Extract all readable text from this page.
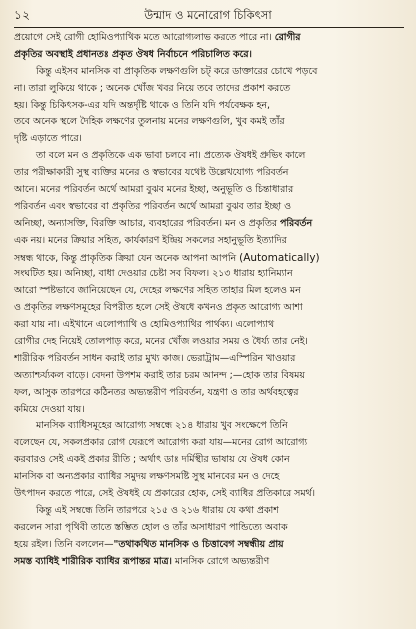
১২	উন্মাদ ও মনোরোগ চিকিৎসা
প্রয়োগে সেই রোগী হোমিওপ্যাথিক মতে আরোগ্যলাভ করতে পারে না। রোগীর
প্রকৃতির অবস্থাই প্রধানতঃ প্রকৃত ঔষধ নির্বাচনে পরিচালিত করে।
কিন্তু এইসব মানসিক বা প্রাকৃতিক লক্ষণগুলি চট্ করে ডাক্তারের চোখে পড়বে
না। তারা লুকিয়ে থাকে ; অনেক খোঁজ খবর নিয়ে তবে তাদের প্রকাশ করতে
হয়। কিন্তু চিকিৎসক-এর যদি অন্তর্দৃষ্টি থাকে ও তিনি যদি পর্যবেক্ষক হন,
তবে অনেক স্থলে দৈহিক লক্ষণের তুলনায় মনের লক্ষণগুলি, খুব কমই তাঁর
দৃষ্টি এড়াতে পারে।
তা বলে মন ও প্রকৃতিকে এক ভাবা চলবে না। প্রত্যেক ঔষধই প্রুভিং কালে
তার পরীক্ষাকারী সুস্থ ব্যক্তির মনের ও স্বভাবের যথেষ্ট উল্লেখযোগ্য পরিবর্তন
আনে। মনের পরিবর্তন অর্থে আমরা বুঝব মনের ইচ্ছা, অনুভূতি ও চিন্তাধারার
পরিবর্তন এবং স্বভাবের বা প্রকৃতির পরিবর্তন অর্থে আমরা বুঝব তার ইচ্ছা ও
অনিচ্ছা, অন্যাসক্তি, বিরক্তি আচার, ব্যবহারের পরিবর্তন। মন ও প্রকৃতির পরিবর্তন
এক নয়। মনের ক্রিয়ার সহিত, কার্যকারণ ইন্দ্রিয় সকলের সহানুভূতি ইত্যাদির
সম্বন্ধ থাকে, কিন্তু প্রাকৃতিক ক্রিয়া যেন অনেক আপনা আপনি (Automatically)
সংঘটিত হয়। অনিচ্ছা, বাধা দেওয়ার চেষ্টা সব বিফল। ২১৩ ধারায় হ্যানিম্যান
আরো স্পষ্টভাবে জানিয়েছেন যে, দেহের লক্ষণের সহিত তাহার মিল হলেও মন
ও প্রকৃতির লক্ষণসমূহের বিপরীত হলে সেই ঔষধে কখনও প্রকৃত আরোগ্য আশা
করা যায় না। এইখানে এলোপ্যাথি ও হোমিওপ্যাথির পার্থক্য। এলোপ্যাথ
রোগীর দেহ নিয়েই তোলপাড় করে, মনের খোঁজ লওয়ার সময় ও ধৈর্য্য তার নেই।
শারীরিক পরিবর্তন সাধন করাই তার মুখ্য কাজ। ভেরাট্রাম—এস্পিরিন খাওয়ার
অত্যাশ্চর্য্যকল বাড়ে। বেদনা উপশম করাই তার চরম আনন্দ ;—হোক তার বিষময়
ফল, আসুক তারপরে কঠিনতর অভ্যন্তরীণ পরিবর্তন, যন্ত্রণা ও তার অর্থবহত্বের
কমিয়ে দেওয়া যায়।
মানসিক ব্যাধিসমূহের আরোগ্য সম্বন্ধে ২১৪ ধারায় খুব সংক্ষেপে তিনি
বলেছেন যে, সকলপ্রকার রোগ যেরূপে আরোগ্য করা যায়—মনের রোগ আরোগ্য
করবারও সেই একই প্রকার রীতি ; অর্থাৎ ডাঃ দর্মিস্থীর ভাষায় যে ঔষধ কোন
মানসিক বা অন্যপ্রকার ব্যাধির সমুদয় লক্ষণসমষ্টি সুস্থ মানবের মন ও দেহে
উৎপাদন করতে পারে, সেই ঔষধই যে প্রকারের হোক, সেই ব্যাধির প্রতিকারে সমর্থ।
কিন্তু এই সম্বন্ধে তিনি তারপরে ২১৫ ও ২১৬ ধারায় যে কথা প্রকাশ
করলেন সারা পৃথিবী তাতে স্তম্ভিত হোল ও তাঁর অসাধারণ পান্ডিত্যে অবাক
হয়ে রইল। তিনি বললেন—"তথাকথিত মানসিক ও চিত্তাবেগ সম্বন্ধীয় প্রায়
সমস্ত ব্যাধিই শারীরিক ব্যাধির রূপান্তর মাত্র। মানসিক রোগে অভ্যন্তরীণ
